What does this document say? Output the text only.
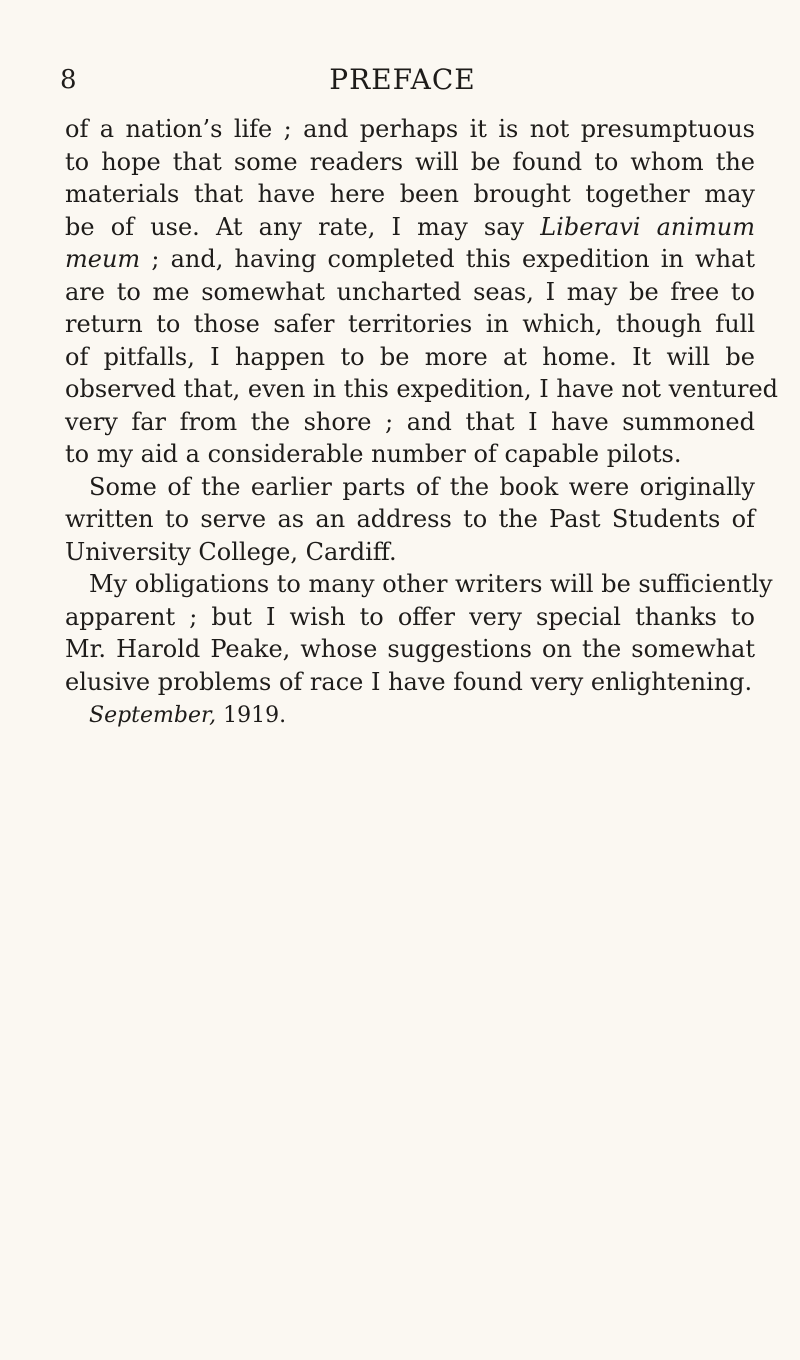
8	PREFACE
of a nation’s life ; and perhaps it is not presumptuous
to hope that some readers will be found to whom the
materials that have here been brought together may
be of use. At any rate, I may say Liberavi animum
meum ; and, having completed this expedition in what
are to me somewhat uncharted seas, I may be free to
return to those safer territories in which, though full
of pitfalls, I happen to be more at home. It will be
observed that, even in this expedition, I have not ventured
very far from the shore ; and that I have summoned
to my aid a considerable number of capable pilots.
Some of the earlier parts of the book were originally
written to serve as an address to the Past Students of
University College, Cardiff.
My obligations to many other writers will be sufficiently
apparent ; but I wish to offer very special thanks to
Mr. Harold Peake, whose suggestions on the somewhat
elusive problems of race I have found very enlightening.
September, 1919.
